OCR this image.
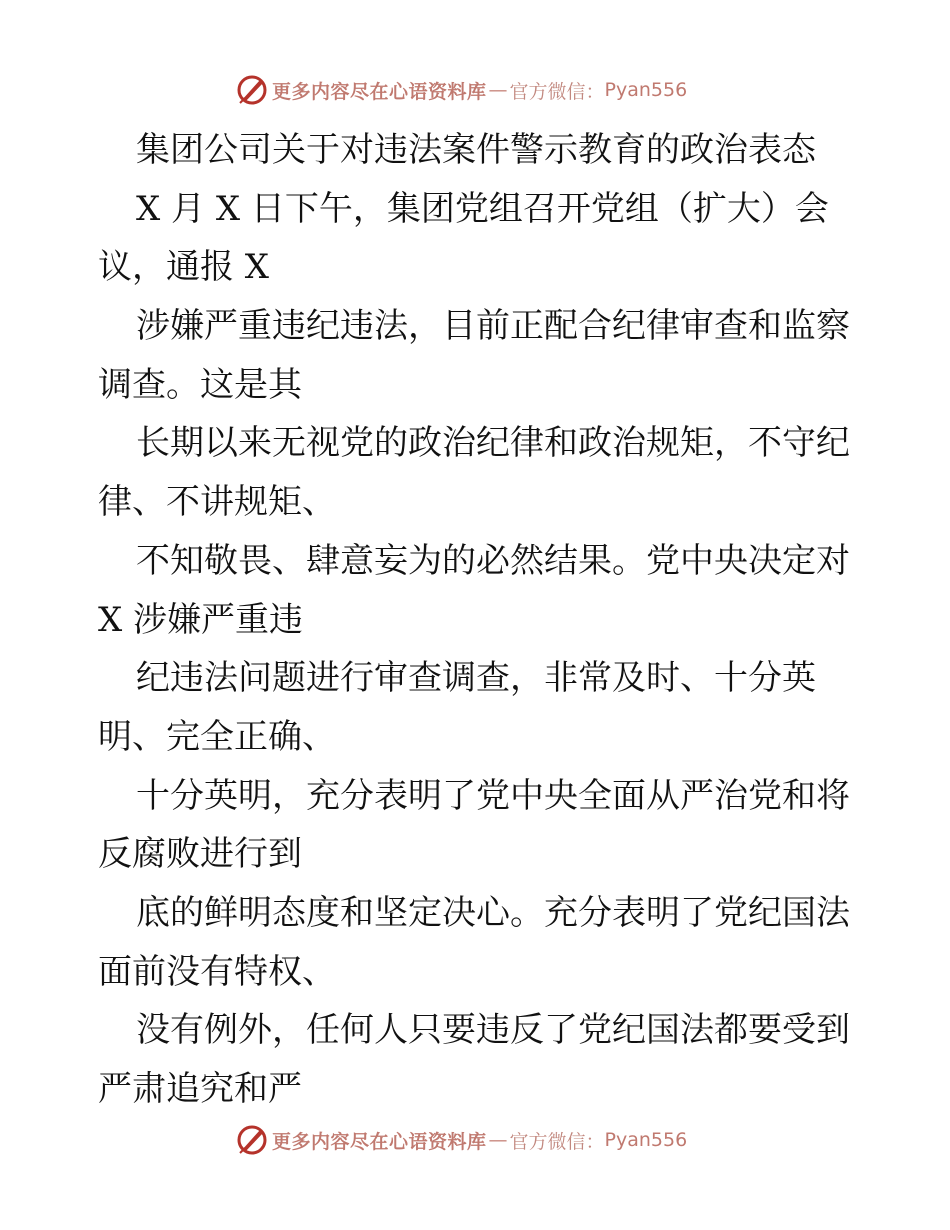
更多内容尽在心语资料库 — 官方微信： Pyan556
集团公司关于对违法案件警示教育的政治表态
X 月 X 日下午，集团党组召开党组（扩大）会
议，通报 X
涉嫌严重违纪违法，目前正配合纪律审查和监察
调查。这是其
长期以来无视党的政治纪律和政治规矩，不守纪
律、不讲规矩、
不知敬畏、肆意妄为的必然结果。党中央决定对
X 涉嫌严重违
纪违法问题进行审查调查，非常及时、十分英
明、完全正确、
十分英明，充分表明了党中央全面从严治党和将
反腐败进行到
底的鲜明态度和坚定决心。充分表明了党纪国法
面前没有特权、
没有例外，任何人只要违反了党纪国法都要受到
严肃追究和严
更多内容尽在心语资料库 — 官方微信： Pyan556
